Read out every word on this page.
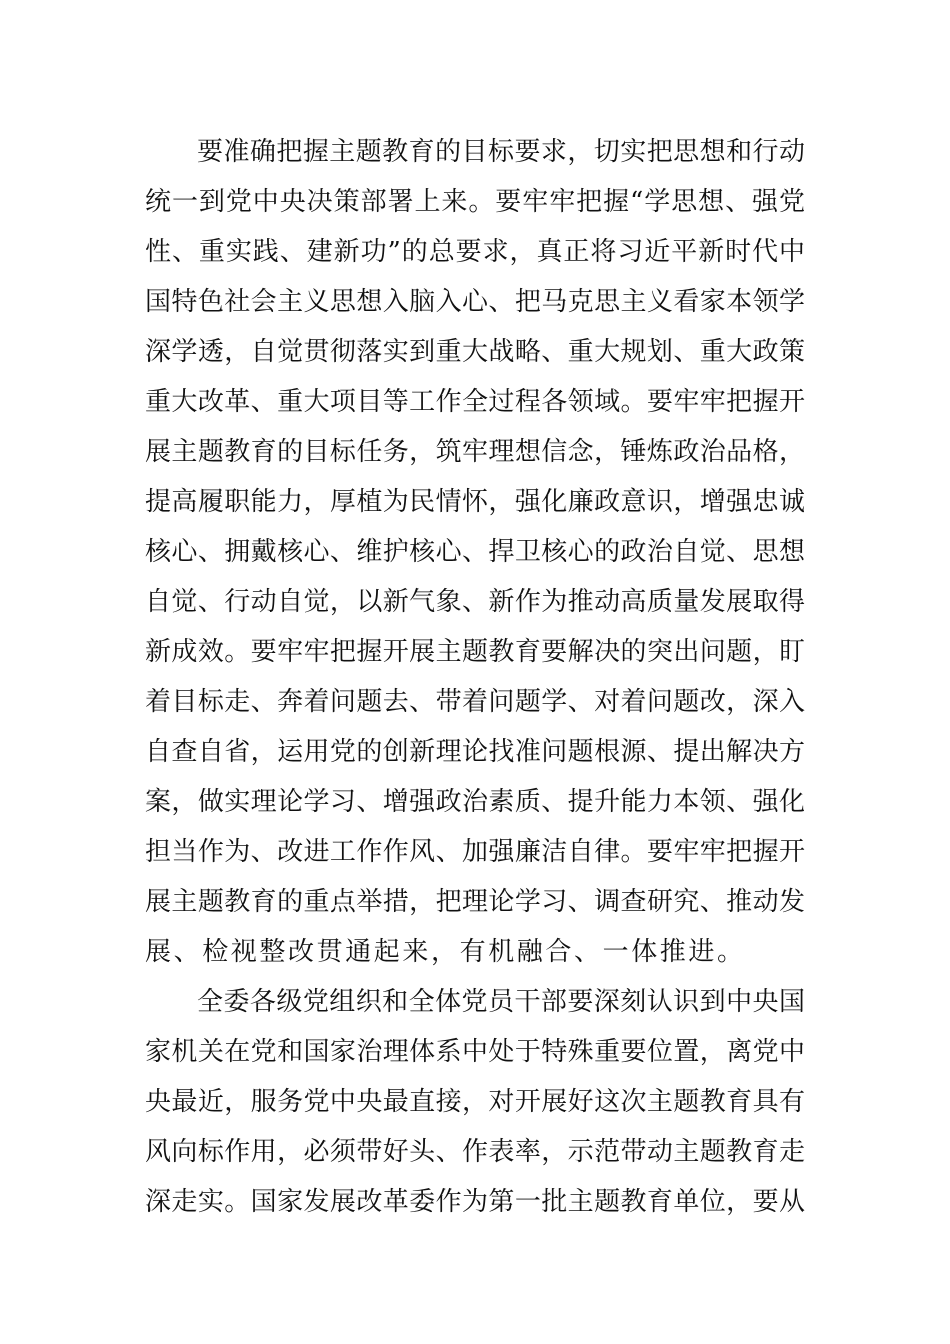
要准确把握主题教育的目标要求，切实把思想和行动
统一到党中央决策部署上来。要牢牢把握“学思想、强党
性、重实践、建新功”的总要求，真正将习近平新时代中
国特色社会主义思想入脑入心、把马克思主义看家本领学
深学透，自觉贯彻落实到重大战略、重大规划、重大政策
重大改革、重大项目等工作全过程各领域。要牢牢把握开
展主题教育的目标任务，筑牢理想信念，锤炼政治品格，
提高履职能力，厚植为民情怀，强化廉政意识，增强忠诚
核心、拥戴核心、维护核心、捍卫核心的政治自觉、思想
自觉、行动自觉，以新气象、新作为推动高质量发展取得
新成效。要牢牢把握开展主题教育要解决的突出问题，盯
着目标走、奔着问题去、带着问题学、对着问题改，深入
自查自省，运用党的创新理论找准问题根源、提出解决方
案，做实理论学习、增强政治素质、提升能力本领、强化
担当作为、改进工作作风、加强廉洁自律。要牢牢把握开
展主题教育的重点举措，把理论学习、调查研究、推动发
展、检视整改贯通起来，有机融合、一体推进。
全委各级党组织和全体党员干部要深刻认识到中央国
家机关在党和国家治理体系中处于特殊重要位置，离党中
央最近，服务党中央最直接，对开展好这次主题教育具有
风向标作用，必须带好头、作表率，示范带动主题教育走
深走实。国家发展改革委作为第一批主题教育单位，要从
